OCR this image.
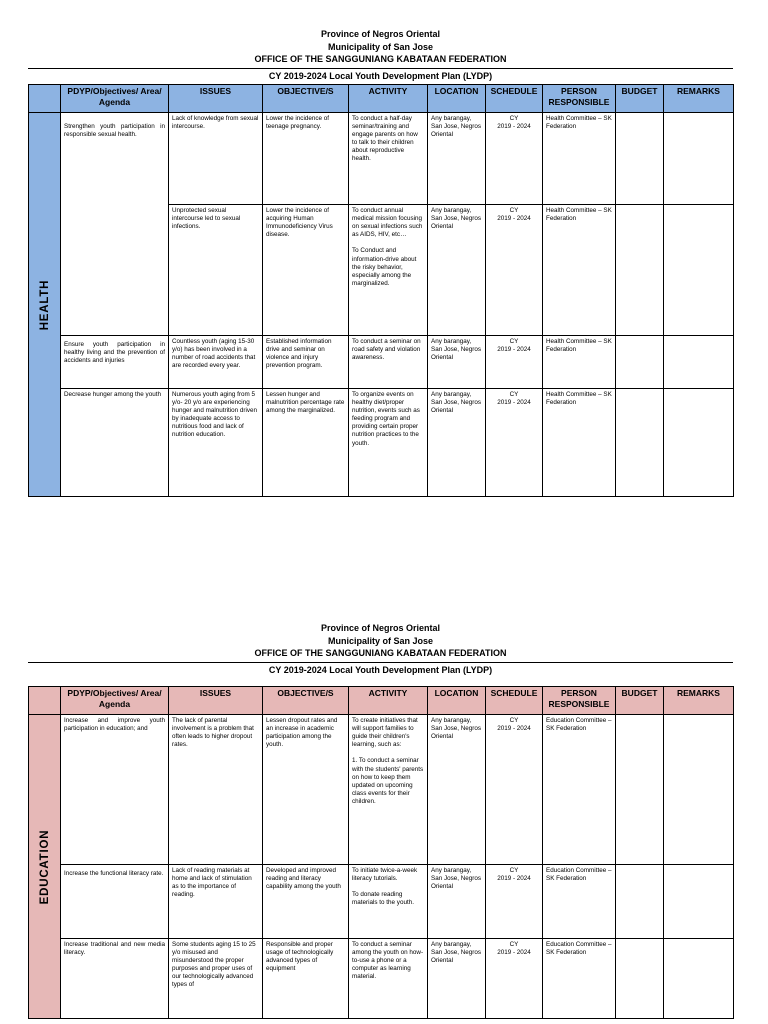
Province of Negros Oriental
Municipality of San Jose
OFFICE OF THE SANGGUNIANG KABATAAN FEDERATION
CY 2019-2024 Local Youth Development Plan (LYDP)
	PDYP/Objectives/ Area/ Agenda	ISSUES	OBJECTIVE/S	ACTIVITY	LOCATION	SCHEDULE	PERSON RESPONSIBLE	BUDGET	REMARKS

HEALTH	Strengthen youth participation in responsible sexual health.	Lack of knowledge from sexual intercourse.	Lower the incidence of teenage pregnancy.	To conduct a half-day seminar/training and engage parents on how to talk to their children about reproductive health.	Any barangay, San Jose, Negros Oriental	CY
2019 - 2024	Health Committee – SK Federation		
		Unprotected sexual intercourse led to sexual infections.	Lower the incidence of acquiring Human Immunodeficiency Virus disease.	To conduct annual medical mission focusing on sexual infections such as AIDS, HIV, etc…

To Conduct and information-drive about the risky behavior, especially among the marginalized.	Any barangay, San Jose, Negros Oriental	CY
2019 - 2024	Health Committee – SK Federation		
	Ensure youth participation in healthy living and the prevention of accidents and injuries	Countless youth (aging 15-30 y/o) has been involved in a number of road accidents that are recorded every year.	Established information drive and seminar on violence and injury prevention program.	To conduct a seminar on road safety and violation awareness.	Any barangay, San Jose, Negros Oriental	CY
2019 - 2024	Health Committee – SK Federation		
	Decrease hunger among the youth	Numerous youth aging from 5 y/o- 20 y/o are experiencing hunger and malnutrition driven by inadequate access to nutritious food and lack of nutrition education.	Lessen hunger and malnutrition percentage rate among the marginalized.	To organize events on healthy diet/proper nutrition, events such as feeding program and providing certain proper nutrition practices to the youth.	Any barangay, San Jose, Negros Oriental	CY
2019 - 2024	Health Committee – SK Federation		
Province of Negros Oriental
Municipality of San Jose
OFFICE OF THE SANGGUNIANG KABATAAN FEDERATION
CY 2019-2024 Local Youth Development Plan (LYDP)
	PDYP/Objectives/ Area/ Agenda	ISSUES	OBJECTIVE/S	ACTIVITY	LOCATION	SCHEDULE	PERSON RESPONSIBLE	BUDGET	REMARKS

EDUCATION	Increase and improve youth participation in education; and	The lack of parental involvement is a problem that often leads to higher dropout rates.	Lessen dropout rates and an increase in academic participation among the youth.	To create initiatives that will support families to guide their children's learning, such as:

1. To conduct a seminar with the students' parents on how to keep them updated on upcoming class events for their children.	Any barangay, San Jose, Negros Oriental	CY
2019 - 2024	Education Committee – SK Federation		
	Increase the functional literacy rate.	Lack of reading materials at home and lack of stimulation as to the importance of reading.	Developed and improved reading and literacy capability among the youth	To initiate twice-a-week literacy tutorials.

To donate reading materials to the youth.	Any barangay, San Jose, Negros Oriental	CY
2019 - 2024	Education Committee – SK Federation		
	Increase traditional and new media literacy.	Some students aging 15 to 25 y/o misused and misunderstood the proper purposes and proper uses of our technologically advanced types of	Responsible and proper usage of technologically advanced types of equipment	To conduct a seminar among the youth on how-to-use a phone or a computer as learning material.	Any barangay, San Jose, Negros Oriental	CY
2019 - 2024	Education Committee – SK Federation		
